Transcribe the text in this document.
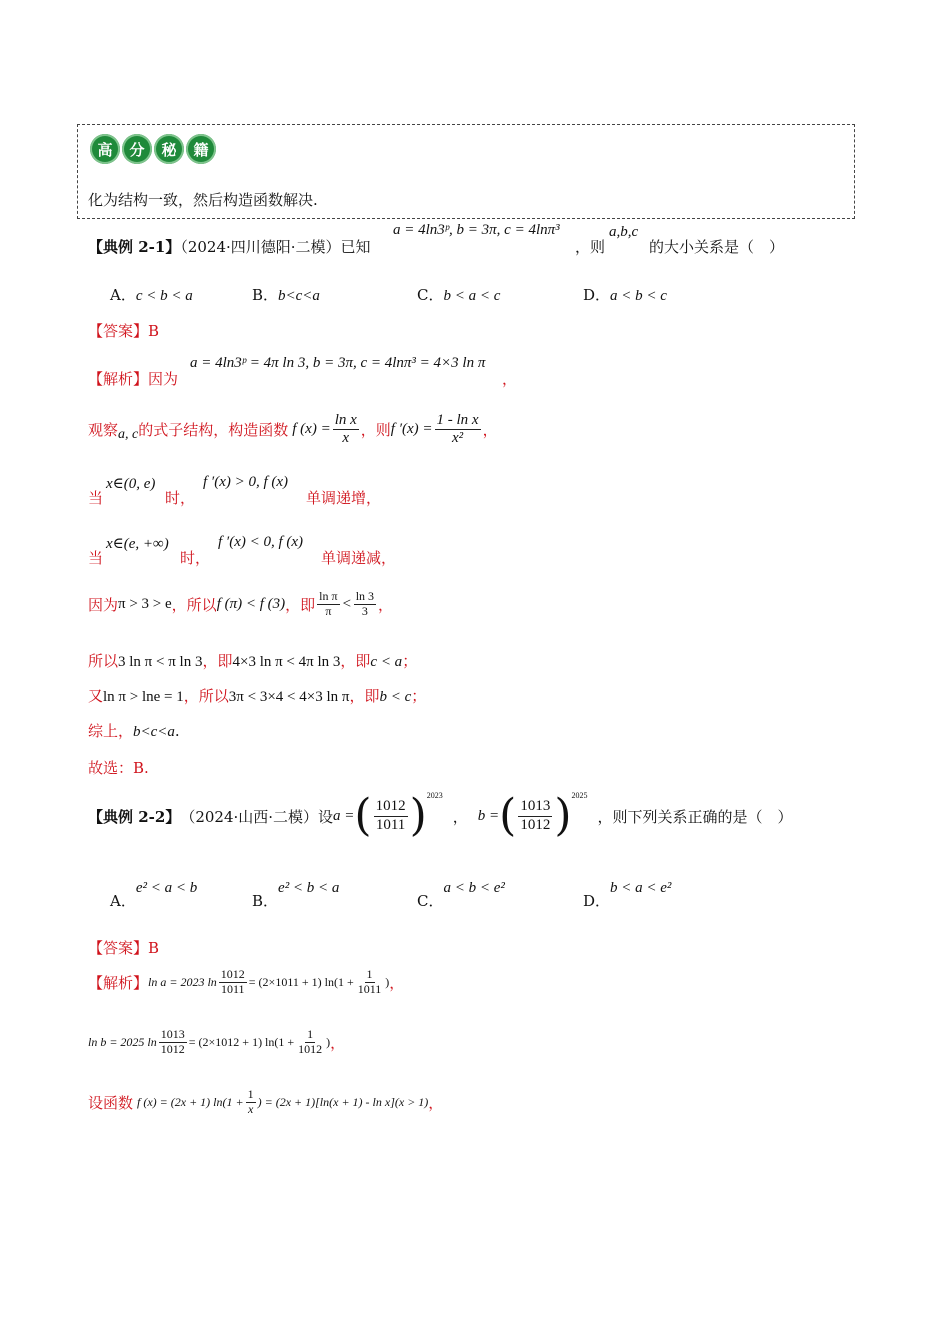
高	分	秘	籍
化为结构一致，然后构造函数解决.
【典例 2-1】（2024·四川德阳·二模）已知
a = 4ln3ᵖ, b = 3π, c = 4lnπ³
，则
a,b,c
的大小关系是（　）
A．c < b < a	B．b<c<a	C．b < a < c	D．a < b < c
【答案】B
【解析】因为
a = 4ln3ᵖ = 4π ln 3, b = 3π, c = 4lnπ³ = 4×3 ln π
，
观察 a, c 的式子结构，构造函数 f $(x) = \frac{\text{ln x}}{x}$ ，则 f $'(x) = \frac{\text{1 - ln x}}{\text{x²}}$ ，
当
x∈(0, e)
时，
f ′(x) > 0, f (x)
单调递增，
当
x∈(e, +∞)
时，
f ′(x) < 0, f (x)
单调递减，
因为 π > 3 > e ，所以 f (π) < f (3) ，即 $\frac{\text{ln π}}{\pi} < \frac{\ln 3}{3}$ ，
所以3 ln π < π ln 3，即4×3 ln π < 4π ln 3，即c < a；
又ln π > lne = 1，所以3π < 3×4 < 4×3 ln π，即b < c；
综上，b<c<a.
故选：B.
【典例 2-2】 （2024·山西·二模）设 a = ( $\frac{1012}{1011}$ ) 2023
， b = ( $\frac{1013}{1012}$ ) 2025
，则下列关系正确的是（　）
A．e² < a < b
B．e² < b < a
C．a < b < e²
D．b < a < e²
【答案】B
【解析】 ln a = 2023 $\ln \frac{1012}{1011} = (2\times 1011 + 1) \ln(1 + \frac{1}{1011}$ ) ，
ln b = 2025 $\ln \frac{1013}{1012} = (2\times 1012 + 1) \ln(1 + \frac{1}{1012}$ ) ，
设函数 f (x) = (2x + 1) $\ln(1 + \frac{1}{x}$ ) = (2x + 1)[ln(x + 1) - ln x](x > 1) ，
